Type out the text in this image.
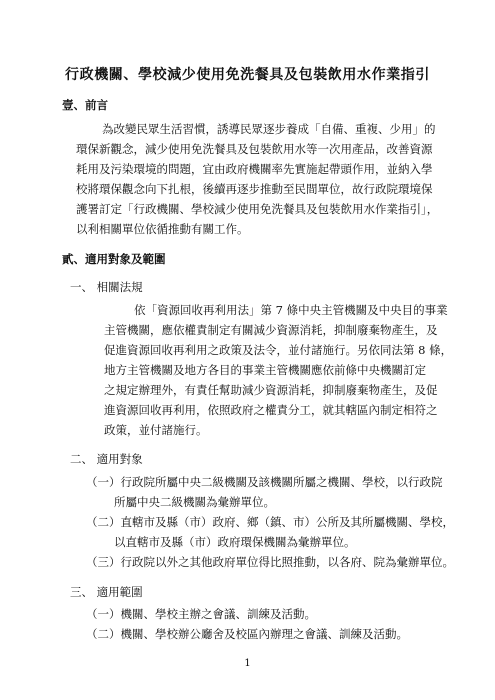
行政機關、學校減少使用免洗餐具及包裝飲用水作業指引
壹、前言
為改變民眾生活習慣，誘導民眾逐步養成「自備、重複、少用」的
環保新觀念，減少使用免洗餐具及包裝飲用水等一次用產品，改善資源
耗用及污染環境的問題，宜由政府機關率先實施起帶頭作用，並納入學
校將環保觀念向下扎根，後續再逐步推動至民間單位，故行政院環境保
護署訂定「行政機關、學校減少使用免洗餐具及包裝飲用水作業指引」，
以利相關單位依循推動有關工作。
貳、適用對象及範圍
一、 相關法規
依「資源回收再利用法」第 7 條中央主管機關及中央目的事業
主管機關，應依權責制定有關減少資源消耗，抑制廢棄物產生，及
促進資源回收再利用之政策及法令，並付諸施行。另依同法第 8 條，
地方主管機關及地方各目的事業主管機關應依前條中央機關訂定
之規定辦理外，有責任幫助減少資源消耗，抑制廢棄物產生，及促
進資源回收再利用，依照政府之權責分工，就其轄區內制定相符之
政策，並付諸施行。
二、 適用對象
（一）行政院所屬中央二級機關及該機關所屬之機關、學校，以行政院
所屬中央二級機關為彙辦單位。
（二）直轄市及縣（市）政府、鄉（鎮、市）公所及其所屬機關、學校，
以直轄市及縣（市）政府環保機關為彙辦單位。
（三）行政院以外之其他政府單位得比照推動，以各府、院為彙辦單位。
三、 適用範圍
（一）機關、學校主辦之會議、訓練及活動。
（二）機關、學校辦公廳舍及校區內辦理之會議、訓練及活動。
1
